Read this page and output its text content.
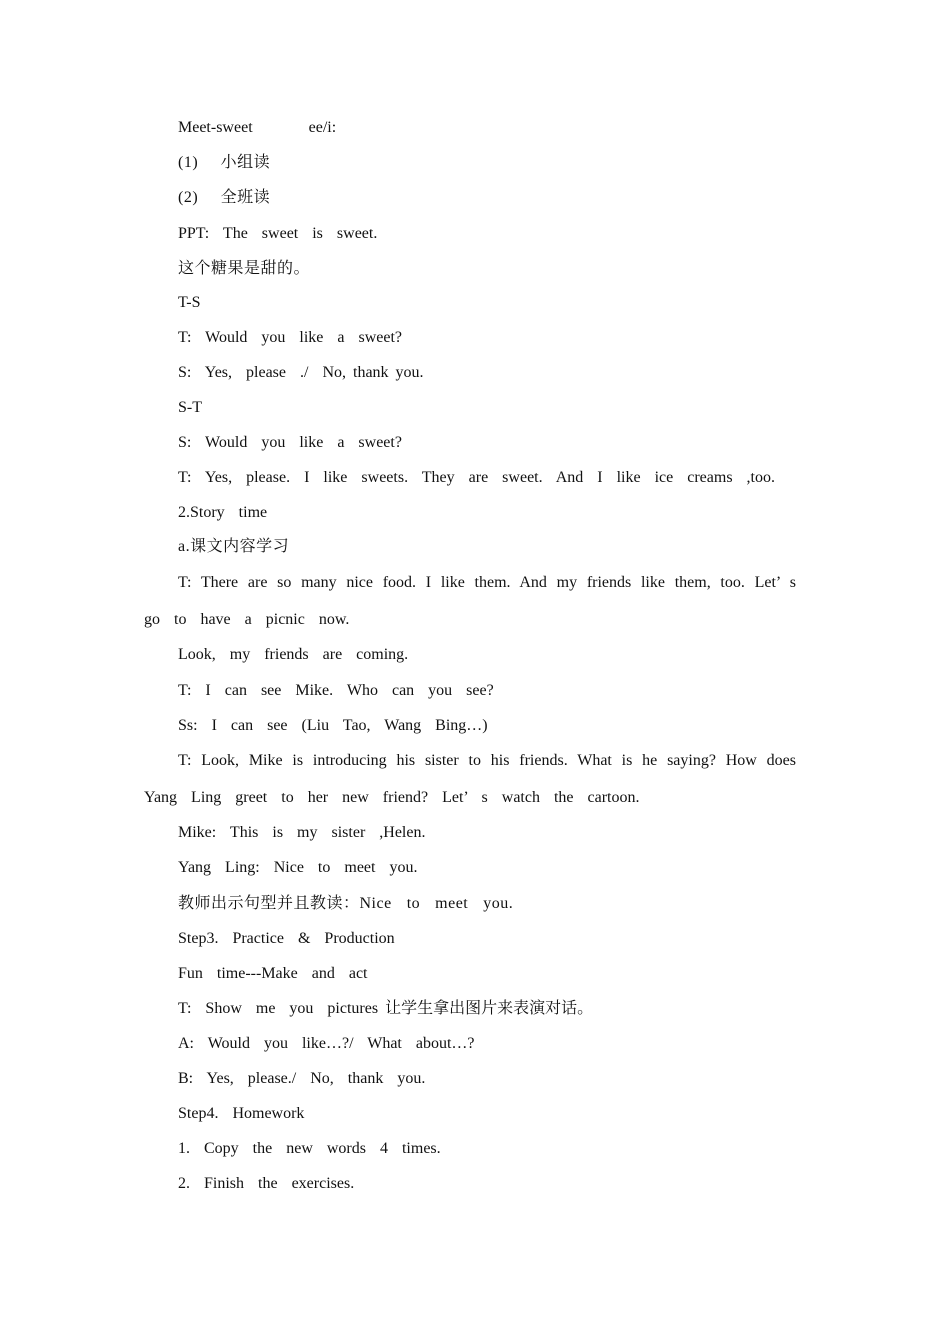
Meet-sweet        ee/i:
(1)   小组读
(2)   全班读
PPT:  The  sweet  is  sweet.
这个糖果是甜的。
T-S
T:  Would  you  like  a  sweet?
S:  Yes,  please  ./  No, thank you.
S-T
S:  Would  you  like  a  sweet?
T:  Yes,  please.  I  like  sweets.  They  are  sweet.  And  I  like  ice  creams  ,too.
2.Story  time
a.课文内容学习
T: There are so many nice food. I like them. And my friends like them, too. Let’ s
go  to  have  a  picnic  now.
Look,  my  friends  are  coming.
T:  I  can  see  Mike.  Who  can  you  see?
Ss:  I  can  see  (Liu  Tao,  Wang  Bing…)
T: Look, Mike is introducing his sister to his friends. What is he saying? How does
Yang  Ling  greet  to  her  new  friend?  Let’  s  watch  the  cartoon.
Mike:  This  is  my  sister  ,Helen.
Yang  Ling:  Nice  to  meet  you.
教师出示句型并且教读：Nice  to  meet  you.
Step3.  Practice  &  Production
Fun  time---Make  and  act
T:  Show  me  you  pictures 让学生拿出图片来表演对话。
A:  Would  you  like…?/  What  about…?
B:  Yes,  please./  No,  thank  you.
Step4.  Homework
1.  Copy  the  new  words  4  times.
2.  Finish  the  exercises.
